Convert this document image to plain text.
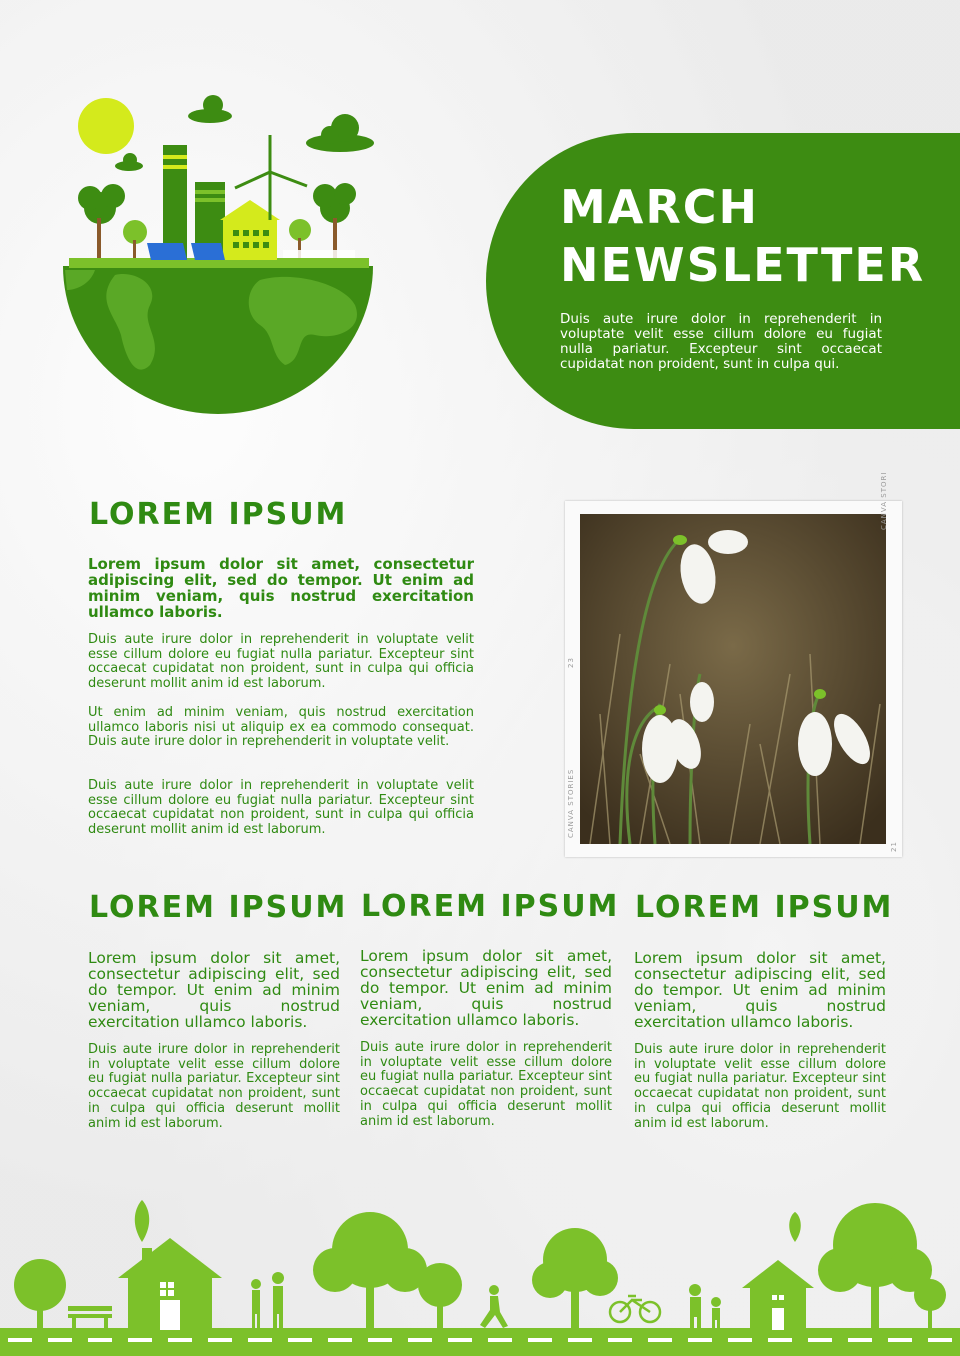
MARCH
NEWSLETTER

Duis aute irure dolor in reprehenderit in voluptate velit esse cillum dolore eu fugiat nulla pariatur. Excepteur sint occaecat cupidatat non proident, sunt in culpa qui.

LOREM IPSUM

Lorem ipsum dolor sit amet, consectetur adipiscing elit, sed do tempor. Ut enim ad minim veniam, quis nostrud exercitation ullamco laboris.

Duis aute irure dolor in reprehenderit in voluptate velit esse cillum dolore eu fugiat nulla pariatur. Excepteur sint occaecat cupidatat non proident, sunt in culpa qui officia deserunt mollit anim id est laborum.

Ut enim ad minim veniam, quis nostrud exercitation ullamco laboris nisi ut aliquip ex ea commodo consequat. Duis aute irure dolor in reprehenderit in voluptate velit.

Duis aute irure dolor in reprehenderit in voluptate velit esse cillum dolore eu fugiat nulla pariatur. Excepteur sint occaecat cupidatat non proident, sunt in culpa qui officia deserunt mollit anim id est laborum.

CANVA STORI
23
CANVA STORIES
21
LOREM IPSUM

Lorem ipsum dolor sit amet, consectetur adipiscing elit, sed do tempor. Ut enim ad minim veniam, quis nostrud exercitation ullamco laboris.

Duis aute irure dolor in reprehenderit in voluptate velit esse cillum dolore eu fugiat nulla pariatur. Excepteur sint occaecat cupidatat non proident, sunt in culpa qui officia deserunt mollit anim id est laborum.

LOREM IPSUM

Lorem ipsum dolor sit amet, consectetur adipiscing elit, sed do tempor. Ut enim ad minim veniam, quis nostrud exercitation ullamco laboris.

Duis aute irure dolor in reprehenderit in voluptate velit esse cillum dolore eu fugiat nulla pariatur. Excepteur sint occaecat cupidatat non proident, sunt in culpa qui officia deserunt mollit anim id est laborum.

LOREM IPSUM

Lorem ipsum dolor sit amet, consectetur adipiscing elit, sed do tempor. Ut enim ad minim veniam, quis nostrud exercitation ullamco laboris.

Duis aute irure dolor in reprehenderit in voluptate velit esse cillum dolore eu fugiat nulla pariatur. Excepteur sint occaecat cupidatat non proident, sunt in culpa qui officia deserunt mollit anim id est laborum.
